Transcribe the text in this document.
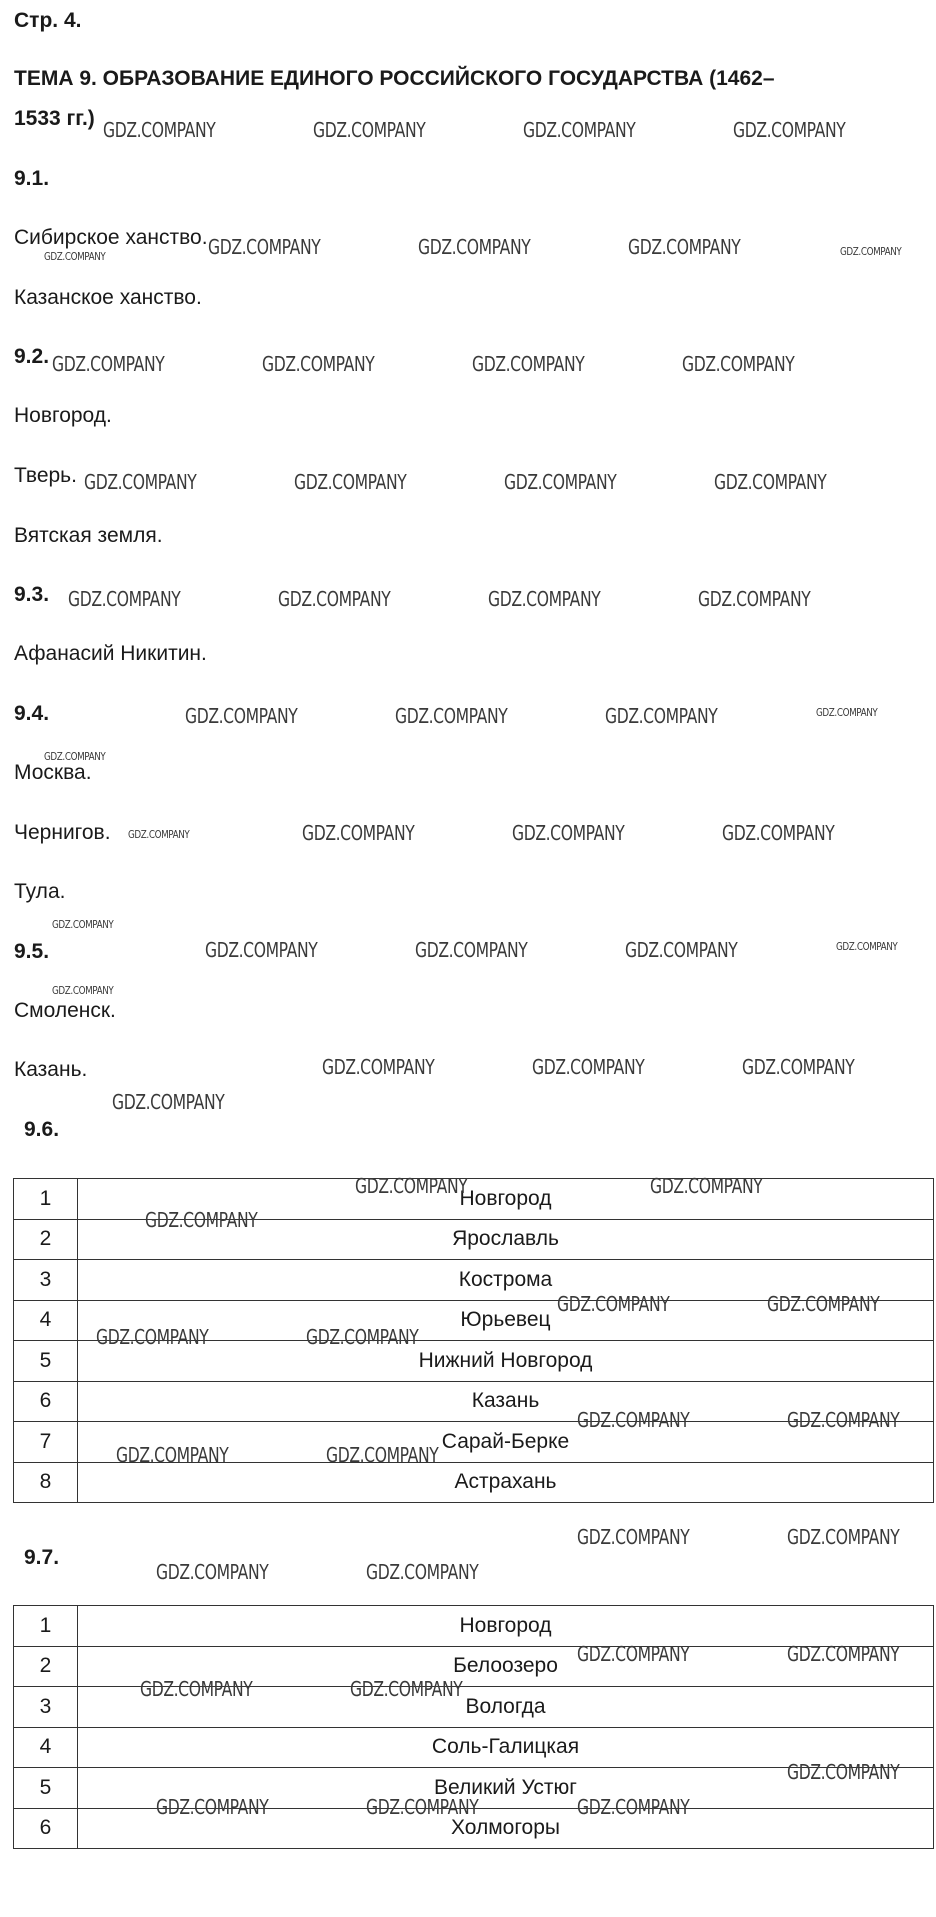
Стр. 4.
ТЕМА 9. ОБРАЗОВАНИЕ ЕДИНОГО РОССИЙСКОГО ГОСУДАРСТВА (1462–
1533 гг.)
9.1.
Сибирское ханство.
Казанское ханство.
9.2.
Новгород.
Тверь.
Вятская земля.
9.3.
Афанасий Никитин.
9.4.
Москва.
Чернигов.
Тула.
9.5.
Смоленск.
Казань.
9.6.
1	Новгород
2	Ярославль
3	Кострома
4	Юрьевец
5	Нижний Новгород
6	Казань
7	Сарай-Берке
8	Астрахань
9.7.
1	Новгород
2	Белоозеро
3	Вологда
4	Соль-Галицкая
5	Великий Устюг
6	Холмогоры
GDZ.COMPANY	GDZ.COMPANY	GDZ.COMPANY	GDZ.COMPANY
GDZ.COMPANY	GDZ.COMPANY	GDZ.COMPANY
GDZ.COMPANY	GDZ.COMPANY	GDZ.COMPANY	GDZ.COMPANY
GDZ.COMPANY	GDZ.COMPANY	GDZ.COMPANY	GDZ.COMPANY
GDZ.COMPANY	GDZ.COMPANY	GDZ.COMPANY	GDZ.COMPANY
GDZ.COMPANY	GDZ.COMPANY	GDZ.COMPANY
GDZ.COMPANY	GDZ.COMPANY	GDZ.COMPANY
GDZ.COMPANY	GDZ.COMPANY	GDZ.COMPANY
GDZ.COMPANY	GDZ.COMPANY	GDZ.COMPANY
GDZ.COMPANY
GDZ.COMPANY	GDZ.COMPANY
GDZ.COMPANY
GDZ.COMPANY	GDZ.COMPANY
GDZ.COMPANY	GDZ.COMPANY
GDZ.COMPANY	GDZ.COMPANY
GDZ.COMPANY	GDZ.COMPANY
GDZ.COMPANY	GDZ.COMPANY
GDZ.COMPANY	GDZ.COMPANY
GDZ.COMPANY	GDZ.COMPANY
GDZ.COMPANY	GDZ.COMPANY
GDZ.COMPANY
GDZ.COMPANY	GDZ.COMPANY	GDZ.COMPANY
GDZ.COMPANY	GDZ.COMPANY
GDZ.COMPANY
GDZ.COMPANY
GDZ.COMPANY
GDZ.COMPANY
GDZ.COMPANY
GDZ.COMPANY
